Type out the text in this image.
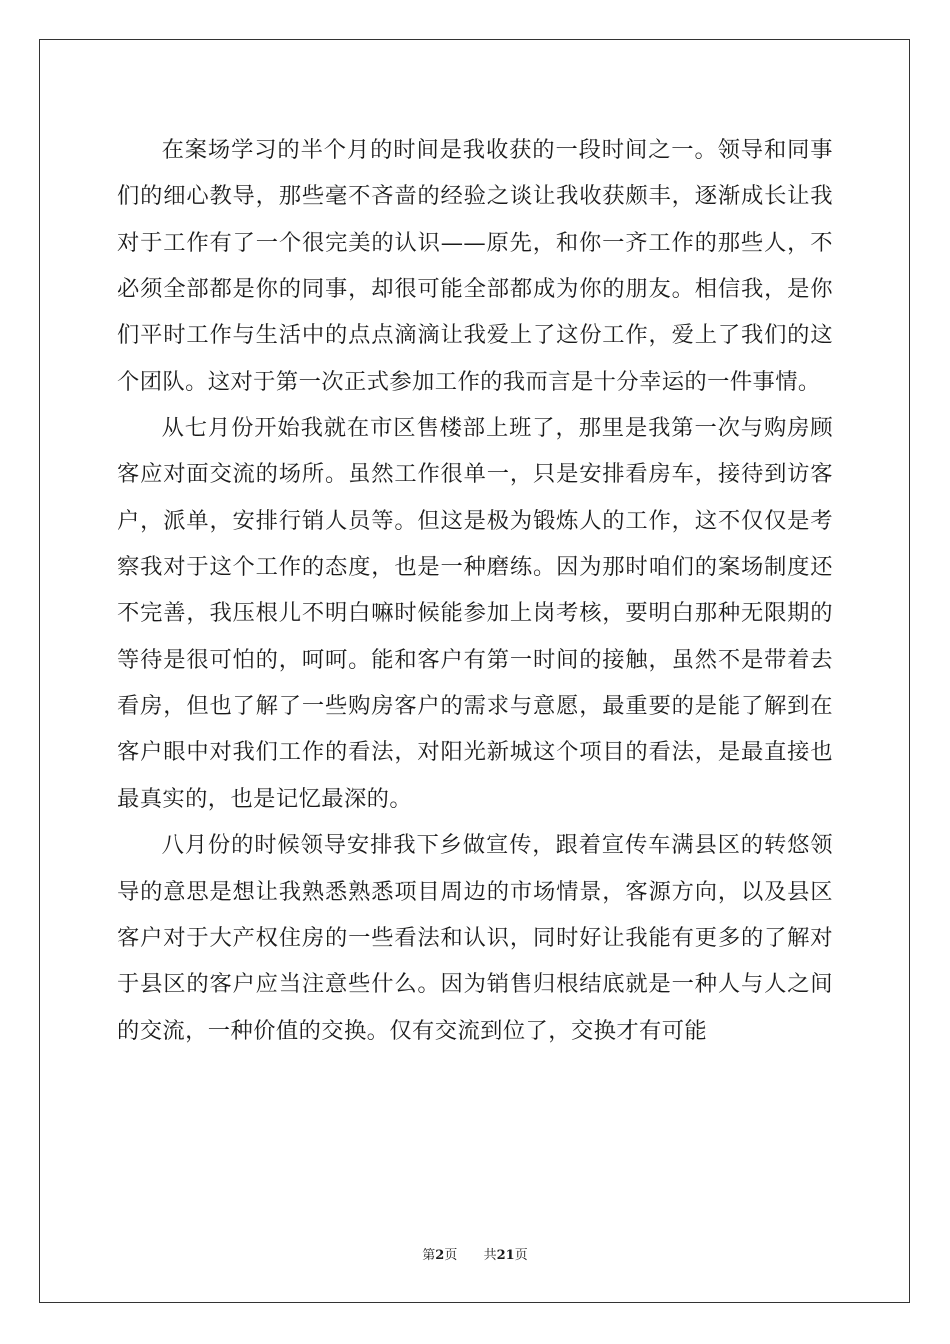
在案场学习的半个月的时间是我收获的一段时间之一。领导和同事们的细心教导，那些毫不吝啬的经验之谈让我收获颇丰，逐渐成长让我对于工作有了一个很完美的认识——原先，和你一齐工作的那些人，不必须全部都是你的同事，却很可能全部都成为你的朋友。相信我，是你们平时工作与生活中的点点滴滴让我爱上了这份工作，爱上了我们的这个团队。这对于第一次正式参加工作的我而言是十分幸运的一件事情。

从七月份开始我就在市区售楼部上班了，那里是我第一次与购房顾客应对面交流的场所。虽然工作很单一，只是安排看房车，接待到访客户，派单，安排行销人员等。但这是极为锻炼人的工作，这不仅仅是考察我对于这个工作的态度，也是一种磨练。因为那时咱们的案场制度还不完善，我压根儿不明白嘛时候能参加上岗考核，要明白那种无限期的等待是很可怕的，呵呵。能和客户有第一时间的接触，虽然不是带着去看房，但也了解了一些购房客户的需求与意愿，最重要的是能了解到在客户眼中对我们工作的看法，对阳光新城这个项目的看法，是最直接也最真实的，也是记忆最深的。

八月份的时候领导安排我下乡做宣传，跟着宣传车满县区的转悠领导的意思是想让我熟悉熟悉项目周边的市场情景，客源方向，以及县区客户对于大产权住房的一些看法和认识，同时好让我能有更多的了解对于县区的客户应当注意些什么。因为销售归根结底就是一种人与人之间的交流，一种价值的交换。仅有交流到位了，交换才有可能

第2页 共21页
